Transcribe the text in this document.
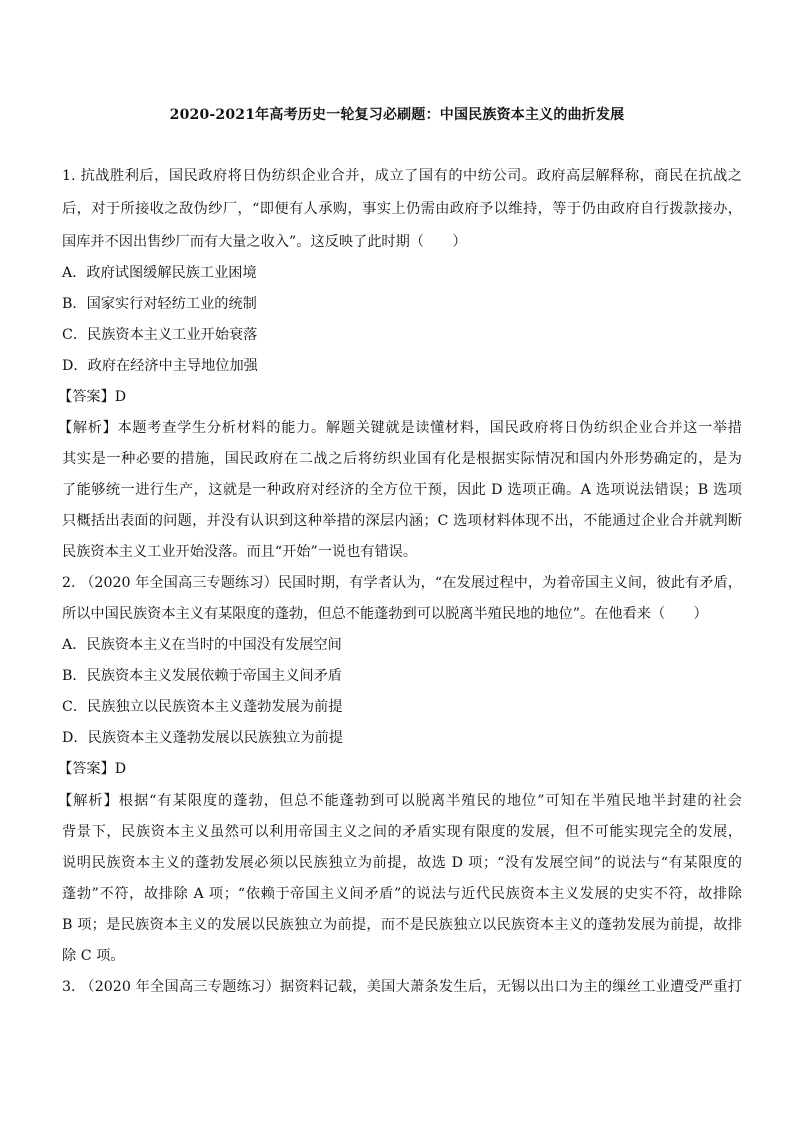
2020-2021年高考历史一轮复习必刷题：中国民族资本主义的曲折发展
1. 抗战胜利后，国民政府将日伪纺织企业合并，成立了国有的中纺公司。政府高层解释称，商民在抗战之
后，对于所接收之敌伪纱厂，“即便有人承购，事实上仍需由政府予以维持，等于仍由政府自行拨款接办，
国库并不因出售纱厂而有大量之收入”。这反映了此时期（　　）
A．政府试图缓解民族工业困境
B．国家实行对轻纺工业的统制
C．民族资本主义工业开始衰落
D．政府在经济中主导地位加强
【答案】D
【解析】本题考查学生分析材料的能力。解题关键就是读懂材料，国民政府将日伪纺织企业合并这一举措
其实是一种必要的措施，国民政府在二战之后将纺织业国有化是根据实际情况和国内外形势确定的，是为
了能够统一进行生产，这就是一种政府对经济的全方位干预，因此 D 选项正确。A 选项说法错误；B 选项
只概括出表面的问题，并没有认识到这种举措的深层内涵；C 选项材料体现不出，不能通过企业合并就判断
民族资本主义工业开始没落。而且“开始”一说也有错误。
2. （2020 年全国高三专题练习）民国时期，有学者认为，“在发展过程中，为着帝国主义间，彼此有矛盾，
所以中国民族资本主义有某限度的蓬勃，但总不能蓬勃到可以脱离半殖民地的地位”。在他看来（　　）
A．民族资本主义在当时的中国没有发展空间
B．民族资本主义发展依赖于帝国主义间矛盾
C．民族独立以民族资本主义蓬勃发展为前提
D．民族资本主义蓬勃发展以民族独立为前提
【答案】D
【解析】根据“有某限度的蓬勃，但总不能蓬勃到可以脱离半殖民的地位”可知在半殖民地半封建的社会
背景下，民族资本主义虽然可以利用帝国主义之间的矛盾实现有限度的发展，但不可能实现完全的发展，
说明民族资本主义的蓬勃发展必须以民族独立为前提，故选 D 项；“没有发展空间”的说法与“有某限度的
蓬勃”不符，故排除 A 项；“依赖于帝国主义间矛盾”的说法与近代民族资本主义发展的史实不符，故排除
B 项；是民族资本主义的发展以民族独立为前提，而不是民族独立以民族资本主义的蓬勃发展为前提，故排
除 C 项。
3. （2020 年全国高三专题练习）据资料记载，美国大萧条发生后，无锡以出口为主的缫丝工业遭受严重打
